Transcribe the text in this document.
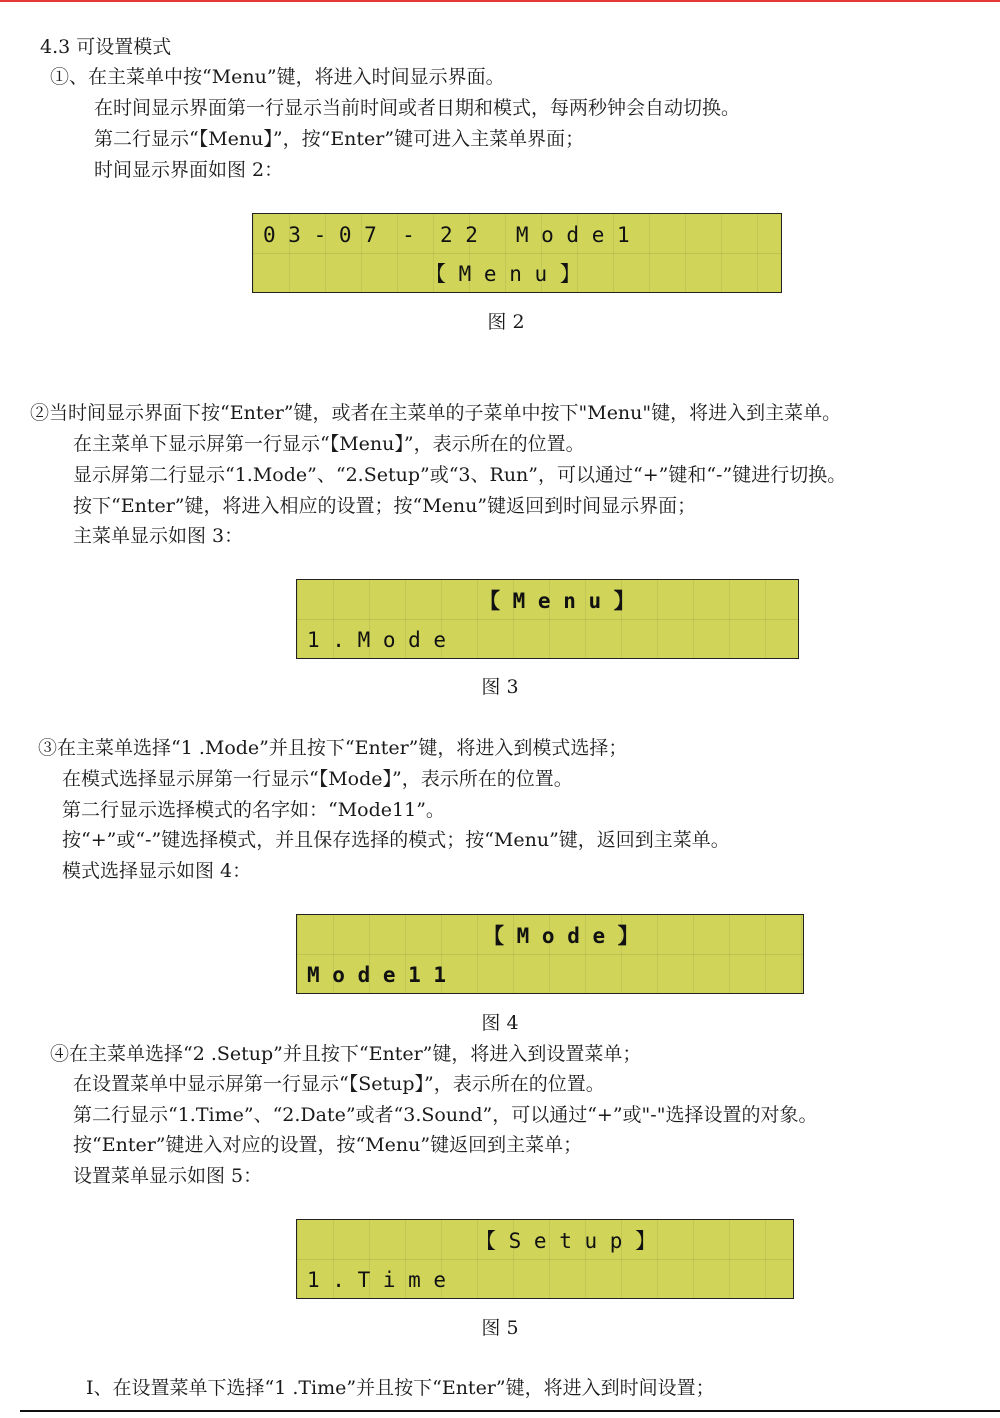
4.3 可设置模式
①、在主菜单中按“Menu”键，将进入时间显示界面。
在时间显示界面第一行显示当前时间或者日期和模式，每两秒钟会自动切换。
第二行显示“【Menu】”，按“Enter”键可进入主菜单界面；
时间显示界面如图 2：
0 3 - 0 7  -  2 2   M o d e 1
【 M e n u 】
图 2
②当时间显示界面下按“Enter”键，或者在主菜单的子菜单中按下"Menu"键，将进入到主菜单。
在主菜单下显示屏第一行显示“【Menu】”，表示所在的位置。
显示屏第二行显示“1.Mode”、“2.Setup”或“3、Run”，可以通过“+”键和“-”键进行切换。
按下“Enter”键，将进入相应的设置；按“Menu”键返回到时间显示界面；
主菜单显示如图 3：
【 M e n u 】
1 . M o d e
图 3
③在主菜单选择“1 .Mode”并且按下“Enter”键，将进入到模式选择；
在模式选择显示屏第一行显示“【Mode】”，表示所在的位置。
第二行显示选择模式的名字如：“Mode11”。
按“+”或“-”键选择模式，并且保存选择的模式；按“Menu”键，返回到主菜单。
模式选择显示如图 4：
【 M o d e 】
M o d e 1 1
图 4
④在主菜单选择“2 .Setup”并且按下“Enter”键，将进入到设置菜单；
在设置菜单中显示屏第一行显示“【Setup】”，表示所在的位置。
第二行显示“1.Time”、“2.Date”或者“3.Sound”，可以通过“+”或"-"选择设置的对象。
按“Enter”键进入对应的设置，按“Menu”键返回到主菜单；
设置菜单显示如图 5：
【 S e t u p 】
1 . T i m e
图 5
I、在设置菜单下选择“1 .Time”并且按下“Enter”键，将进入到时间设置；
